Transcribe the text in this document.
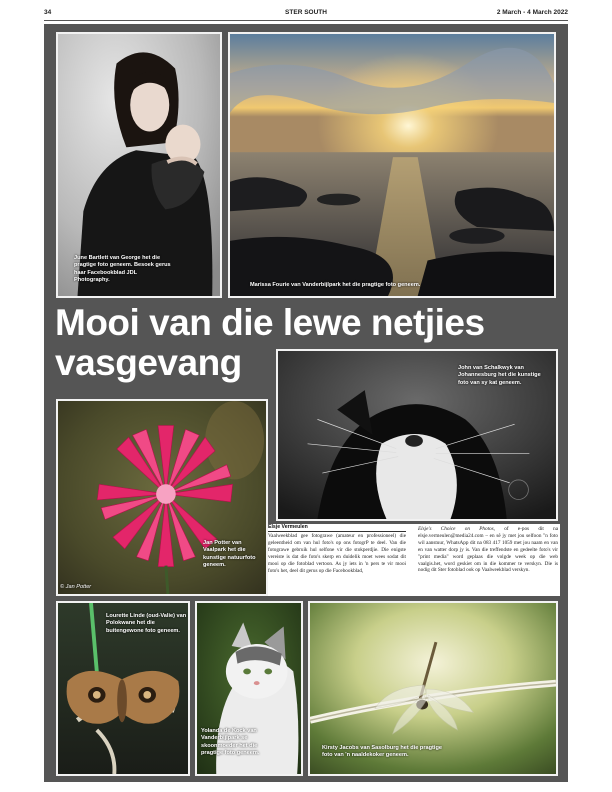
34	STER SOUTH	2 March - 4 March 2022
June Bartlett van George het die pragtige foto geneem. Besoek gerus haar Facebookblad JDL Photography.
Marissa Fourie van Vanderbijlpark het die pragtige foto geneem.
Mooi van die lewe netjies
vasgevang	John van Schalkwyk van Johannesburg het die kunstige foto van sy kat geneem.
Jan Potter van Vaalpark het die kunstige natuurfoto geneem.
© Jan Potter
Elsje Vermeulen
Vaalweekblad gee fotograwe (amateur en professioneel) die geleentheid om van hul foto's op ons fotogrP te deel. Van die fotograwe gebruik hul selfone vir die stokperdjie. Die enigste vereiste is dat die foto's skerp en duidelik moet wees sodat dit mooi op die fotoblad vertoon. As jy iets in 'n pers te vir mooi foto's het, deel dit gerus op die Facebookblad,
Elsje's Choice on Photos, of e-pos dit na elsje.vermeulen@media24.com – en sê jy met jou selfoon "n foto wil aanstuur, WhatsApp dit na 083 417 1059 met jou naam en van en van watter dorp jy is. Van die treffendste en gedeelte foto's vir "print media" word geplaas die volgde week op die web vaalgis.het, word geskiet om in die kommer te verskyn. Die is nodig dit Ster fotoblad ook op Vaalweekblad verskyn.
Lourette Linde (oud-Valie) van Polokwane het die buitengewone foto geneem.
Yolanda de Kock van Vanderbijlpark se skoonmoeder het die pragtige foto geneem.
Kirsty Jacobs van Sasolburg het die pragtige foto van 'n naaldekoker geneem.
